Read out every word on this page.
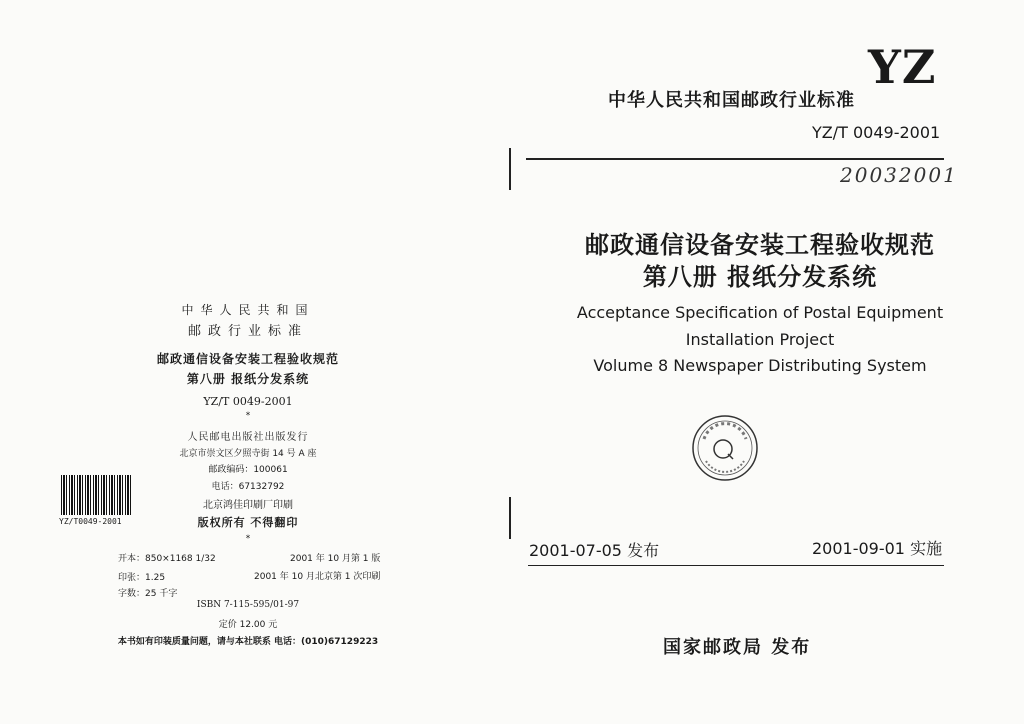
中华人民共和国
邮政行业标准
邮政通信设备安装工程验收规范
第八册 报纸分发系统
YZ/T 0049-2001
*
人民邮电出版社出版发行
北京市崇文区夕照寺街 14 号 A 座
邮政编码：100061
电话：67132792
北京鸿佳印刷厂印刷
版权所有 不得翻印
*
开本：850×1168 1/32	2001 年 10 月第 1 版
印张：1.25	2001 年 10 月北京第 1 次印刷
字数：25 千字
ISBN 7-115-595/01-97
定价 12.00 元
本书如有印装质量问题，请与本社联系 电话：(010)67129223
YZ/T0049-2001
YZ
中华人民共和国邮政行业标准
YZ/T 0049-2001
20032001
邮政通信设备安装工程验收规范
第八册 报纸分发系统
Acceptance Specification of Postal Equipment
Installation Project
Volume 8 Newspaper Distributing System
2001-07-05 发布	2001-09-01 实施
国家邮政局 发布
